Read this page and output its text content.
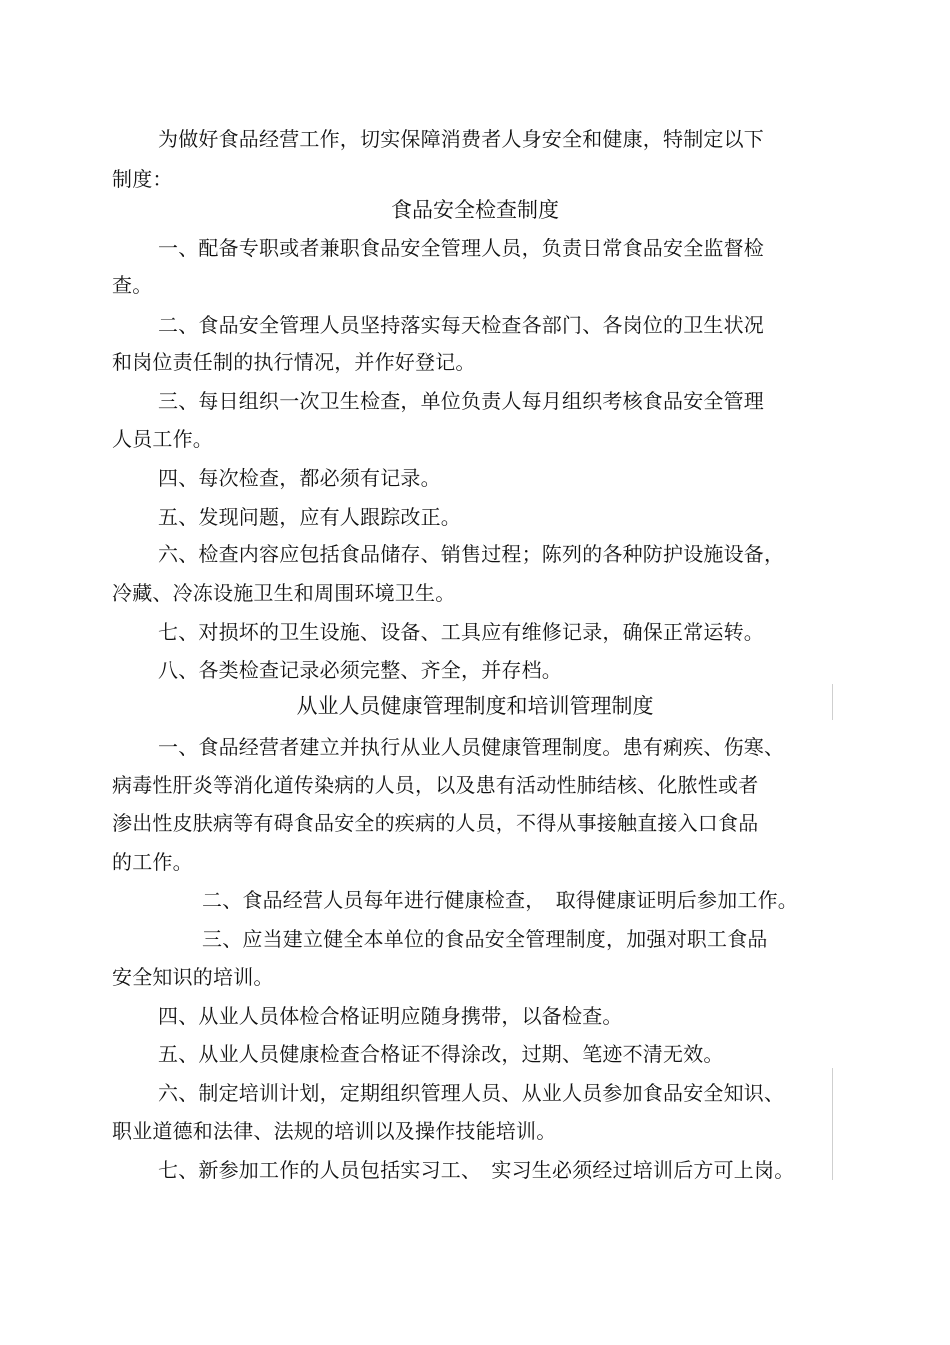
为做好食品经营工作，切实保障消费者人身安全和健康，特制定以下
制度：
食品安全检查制度
一、配备专职或者兼职食品安全管理人员，负责日常食品安全监督检
查。
二、食品安全管理人员坚持落实每天检查各部门、各岗位的卫生状况
和岗位责任制的执行情况，并作好登记。
三、每日组织一次卫生检查，单位负责人每月组织考核食品安全管理
人员工作。
四、每次检查，都必须有记录。
五、发现问题，应有人跟踪改正。
六、检查内容应包括食品储存、销售过程；陈列的各种防护设施设备，
冷藏、冷冻设施卫生和周围环境卫生。
七、对损坏的卫生设施、设备、工具应有维修记录，确保正常运转。
八、各类检查记录必须完整、齐全，并存档。
从业人员健康管理制度和培训管理制度
一、食品经营者建立并执行从业人员健康管理制度。患有痢疾、伤寒、
病毒性肝炎等消化道传染病的人员，以及患有活动性肺结核、化脓性或者
渗出性皮肤病等有碍食品安全的疾病的人员，不得从事接触直接入口食品
的工作。
二、食品经营人员每年进行健康检查，　取得健康证明后参加工作。
三、应当建立健全本单位的食品安全管理制度，加强对职工食品
安全知识的培训。
四、从业人员体检合格证明应随身携带，以备检查。
五、从业人员健康检查合格证不得涂改，过期、笔迹不清无效。
六、制定培训计划，定期组织管理人员、从业人员参加食品安全知识、
职业道德和法律、法规的培训以及操作技能培训。
七、新参加工作的人员包括实习工、　实习生必须经过培训后方可上岗。
